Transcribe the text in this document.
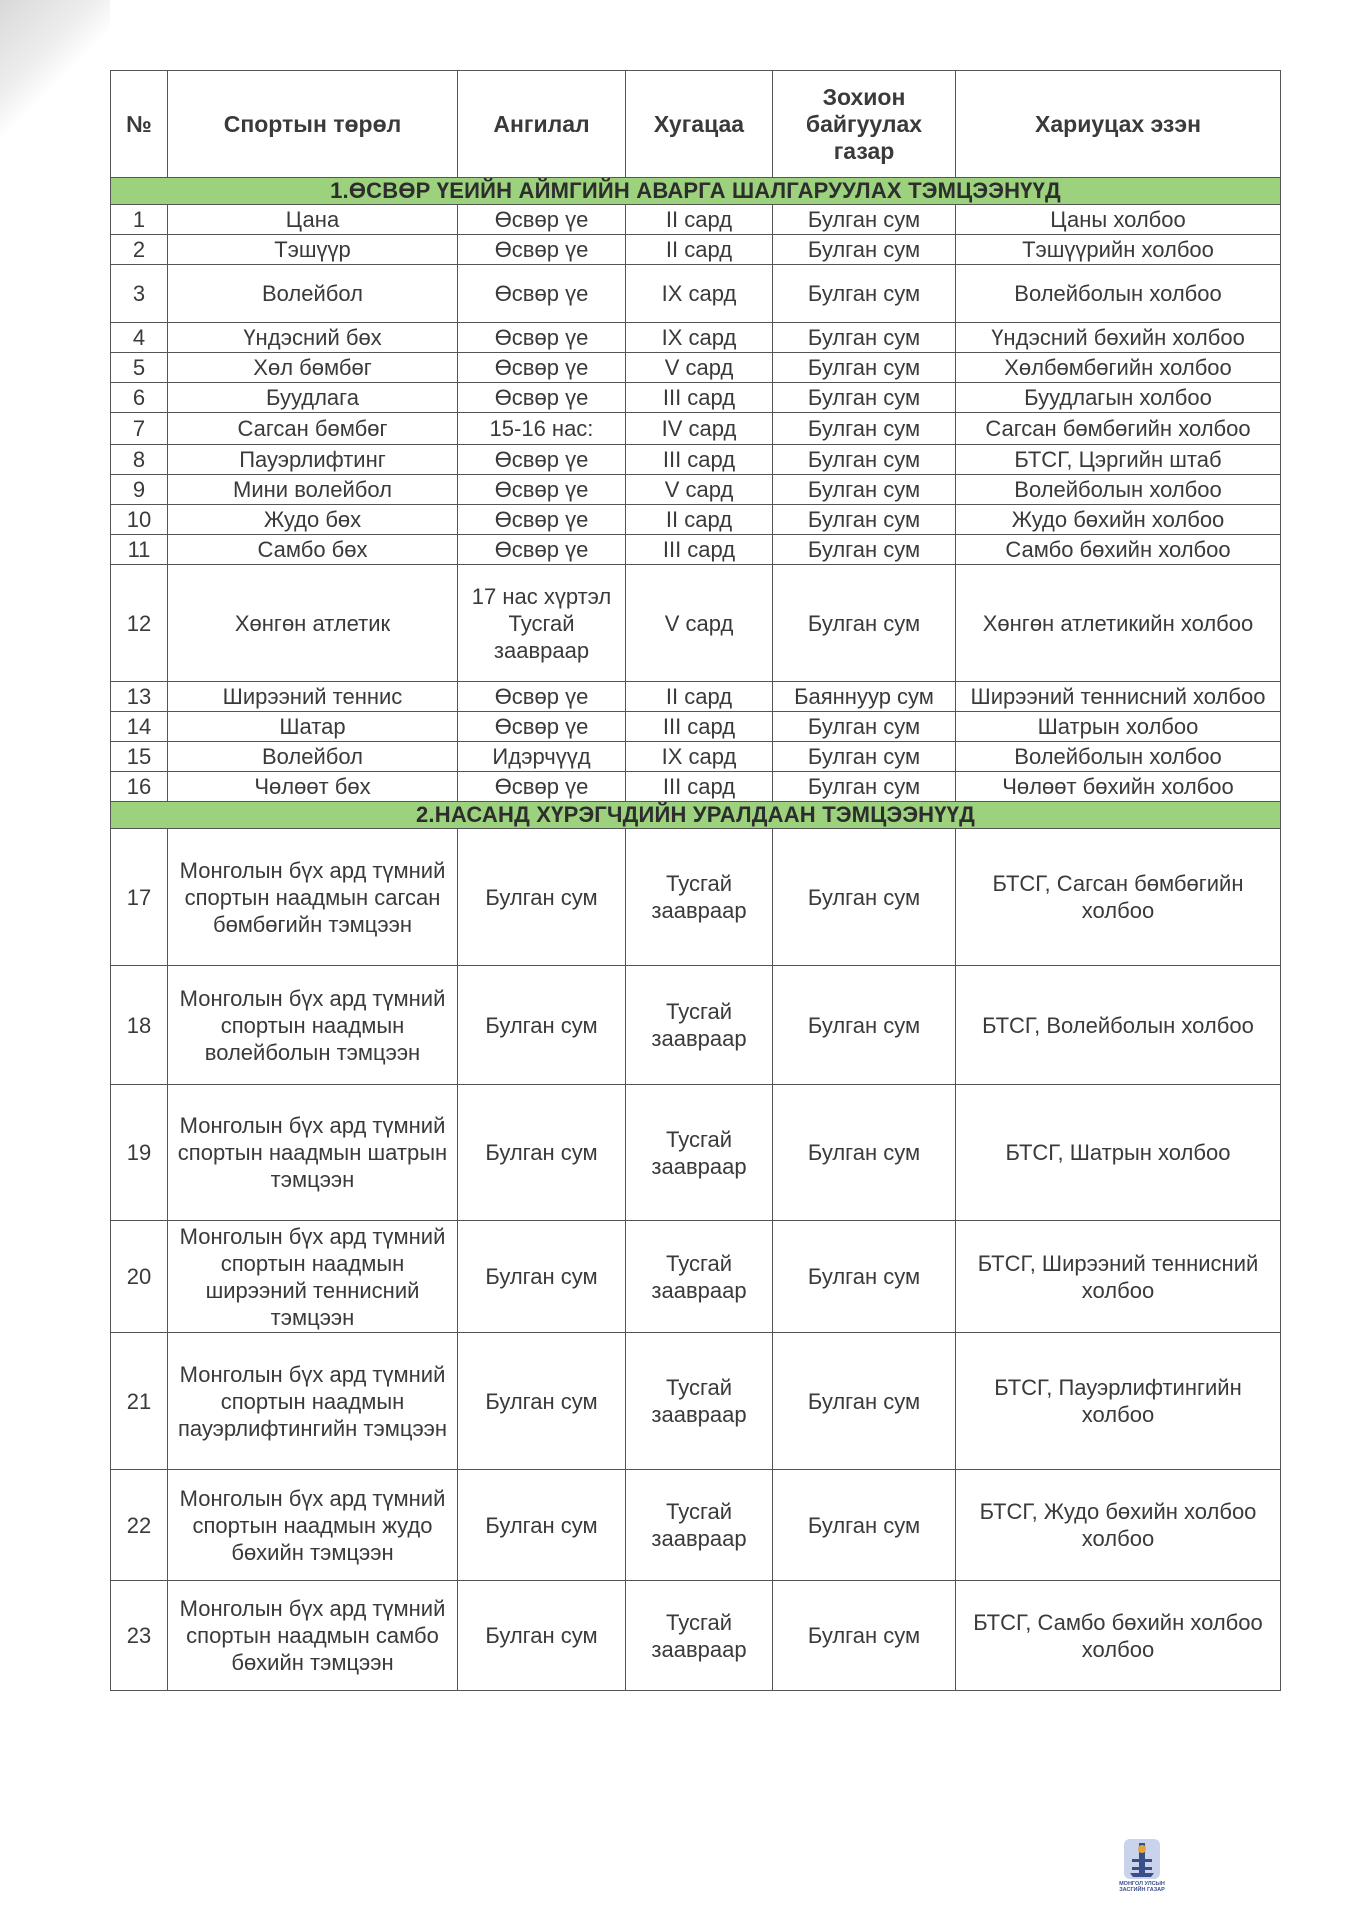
№	Спортын төрөл	Ангилал	Хугацаа	Зохион байгуулах газар	Хариуцах эзэн
1.ӨСВӨР ҮЕИЙН АЙМГИЙН АВАРГА ШАЛГАРУУЛАХ ТЭМЦЭЭНҮҮД					
1	Цана	Өсвөр үе	II сард	Булган сум	Цаны холбоо
2	Тэшүүр	Өсвөр үе	II сард	Булган сум	Тэшүүрийн холбоо
3	Волейбол	Өсвөр үе	IX сард	Булган сум	Волейболын холбоо
4	Үндэсний бөх	Өсвөр үе	IX сард	Булган сум	Үндэсний бөхийн холбоо
5	Хөл бөмбөг	Өсвөр үе	V сард	Булган сум	Хөлбөмбөгийн холбоо
6	Буудлага	Өсвөр үе	III сард	Булган сум	Буудлагын холбоо
7	Сагсан бөмбөг	15-16 нас:	IV сард	Булган сум	Сагсан бөмбөгийн холбоо
8	Пауэрлифтинг	Өсвөр үе	III сард	Булган сум	БТСГ, Цэргийн штаб
9	Мини волейбол	Өсвөр үе	V сард	Булган сум	Волейболын холбоо
10	Жудо бөх	Өсвөр үе	II сард	Булган сум	Жудо бөхийн холбоо
11	Самбо бөх	Өсвөр үе	III сард	Булган сум	Самбо бөхийн холбоо
12	Хөнгөн атлетик	17 нас хүртэл Тусгай заавраар	V сард	Булган сум	Хөнгөн атлетикийн холбоо
13	Ширээний теннис	Өсвөр үе	II сард	Баяннуур сум	Ширээний теннисний холбоо
14	Шатар	Өсвөр үе	III сард	Булган сум	Шатрын холбоо
15	Волейбол	Идэрчүүд	IX сард	Булган сум	Волейболын холбоо
16	Чөлөөт бөх	Өсвөр үе	III сард	Булган сум	Чөлөөт бөхийн холбоо
2.НАСАНД ХҮРЭГЧДИЙН УРАЛДААН ТЭМЦЭЭНҮҮД					
17	Монголын бүх ард түмний спортын наадмын сагсан бөмбөгийн тэмцээн	Булган сум	Тусгай заавраар	Булган сум	БТСГ, Сагсан бөмбөгийн холбоо
18	Монголын бүх ард түмний спортын наадмын волейболын тэмцээн	Булган сум	Тусгай заавраар	Булган сум	БТСГ, Волейболын холбоо
19	Монголын бүх ард түмний спортын наадмын шатрын тэмцээн	Булган сум	Тусгай заавраар	Булган сум	БТСГ, Шатрын холбоо
20	Монголын бүх ард түмний спортын наадмын ширээний теннисний тэмцээн	Булган сум	Тусгай заавраар	Булган сум	БТСГ, Ширээний теннисний холбоо
21	Монголын бүх ард түмний спортын наадмын пауэрлифтингийн тэмцээн	Булган сум	Тусгай заавраар	Булган сум	БТСГ, Пауэрлифтингийн холбоо
22	Монголын бүх ард түмний спортын наадмын жудо бөхийн тэмцээн	Булган сум	Тусгай заавраар	Булган сум	БТСГ, Жудо бөхийн холбоо холбоо
23	Монголын бүх ард түмний спортын наадмын самбо бөхийн тэмцээн	Булган сум	Тусгай заавраар	Булган сум	БТСГ, Самбо бөхийн холбоо холбоо
МОНГОЛ УЛСЫН ЗАСГИЙН ГАЗАР
